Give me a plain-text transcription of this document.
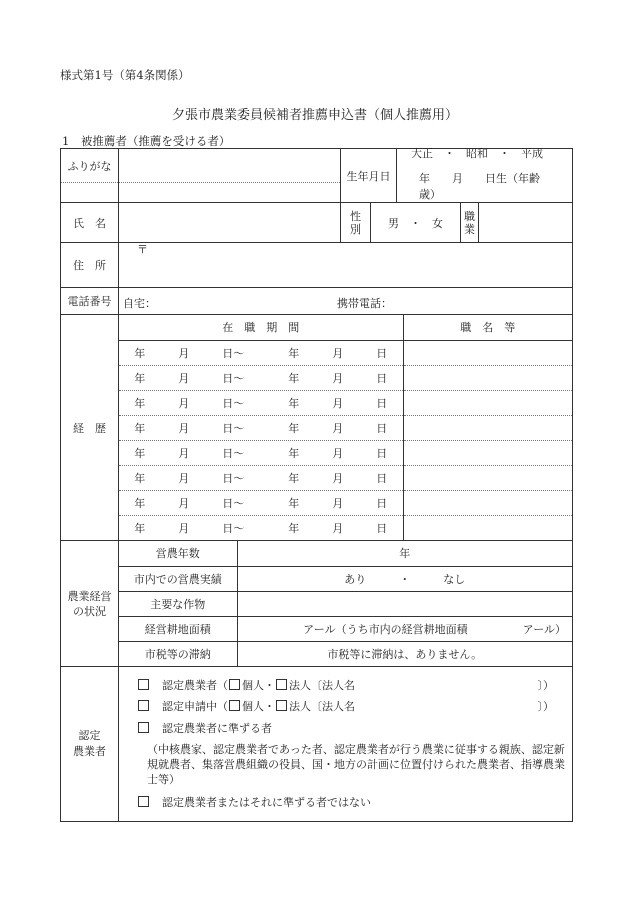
様式第1号（第4条関係）
夕張市農業委員候補者推薦申込書（個人推薦用）
1　被推薦者（推薦を受ける者）
ふりがな		生年月日	
大正　・　昭和　・　平成
年　　月　　日生（年齢　　歳）

氏　名		
性
別	男　・　女	
職
業

住　所	
〒

電話番号	自宅：	携帯電話：

経　歴	
在　職　期　間	職　名　等
年　　　月　　　日～　　　　年　　　月　　　日	
年　　　月　　　日～　　　　年　　　月　　　日	
年　　　月　　　日～　　　　年　　　月　　　日	
年　　　月　　　日～　　　　年　　　月　　　日	
年　　　月　　　日～　　　　年　　　月　　　日	
年　　　月　　　日～　　　　年　　　月　　　日	
年　　　月　　　日～　　　　年　　　月　　　日	
年　　　月　　　日～　　　　年　　　月　　　日	

農業経営
の状況

営農年数	年
市内での営農実績	あり　　　・　　　なし
主要な作物	
経営耕地面積	アール（うち市内の経営耕地面積　　　　　アール）
市税等の滞納	市税等に滞納は、ありません。

認定
農業者

　認定農業者（ 個人・ 法人〔法人名	〕）
　認定申請中（ 個人・ 法人〔法人名	〕）
　認定農業者に準ずる者
（中核農家、認定農業者であった者、認定農業者が行う農業に従事する親族、認定新規就農者、集落営農組織の役員、国・地方の計画に位置付けられた農業者、指導農業士等）
　認定農業者またはそれに準ずる者ではない
